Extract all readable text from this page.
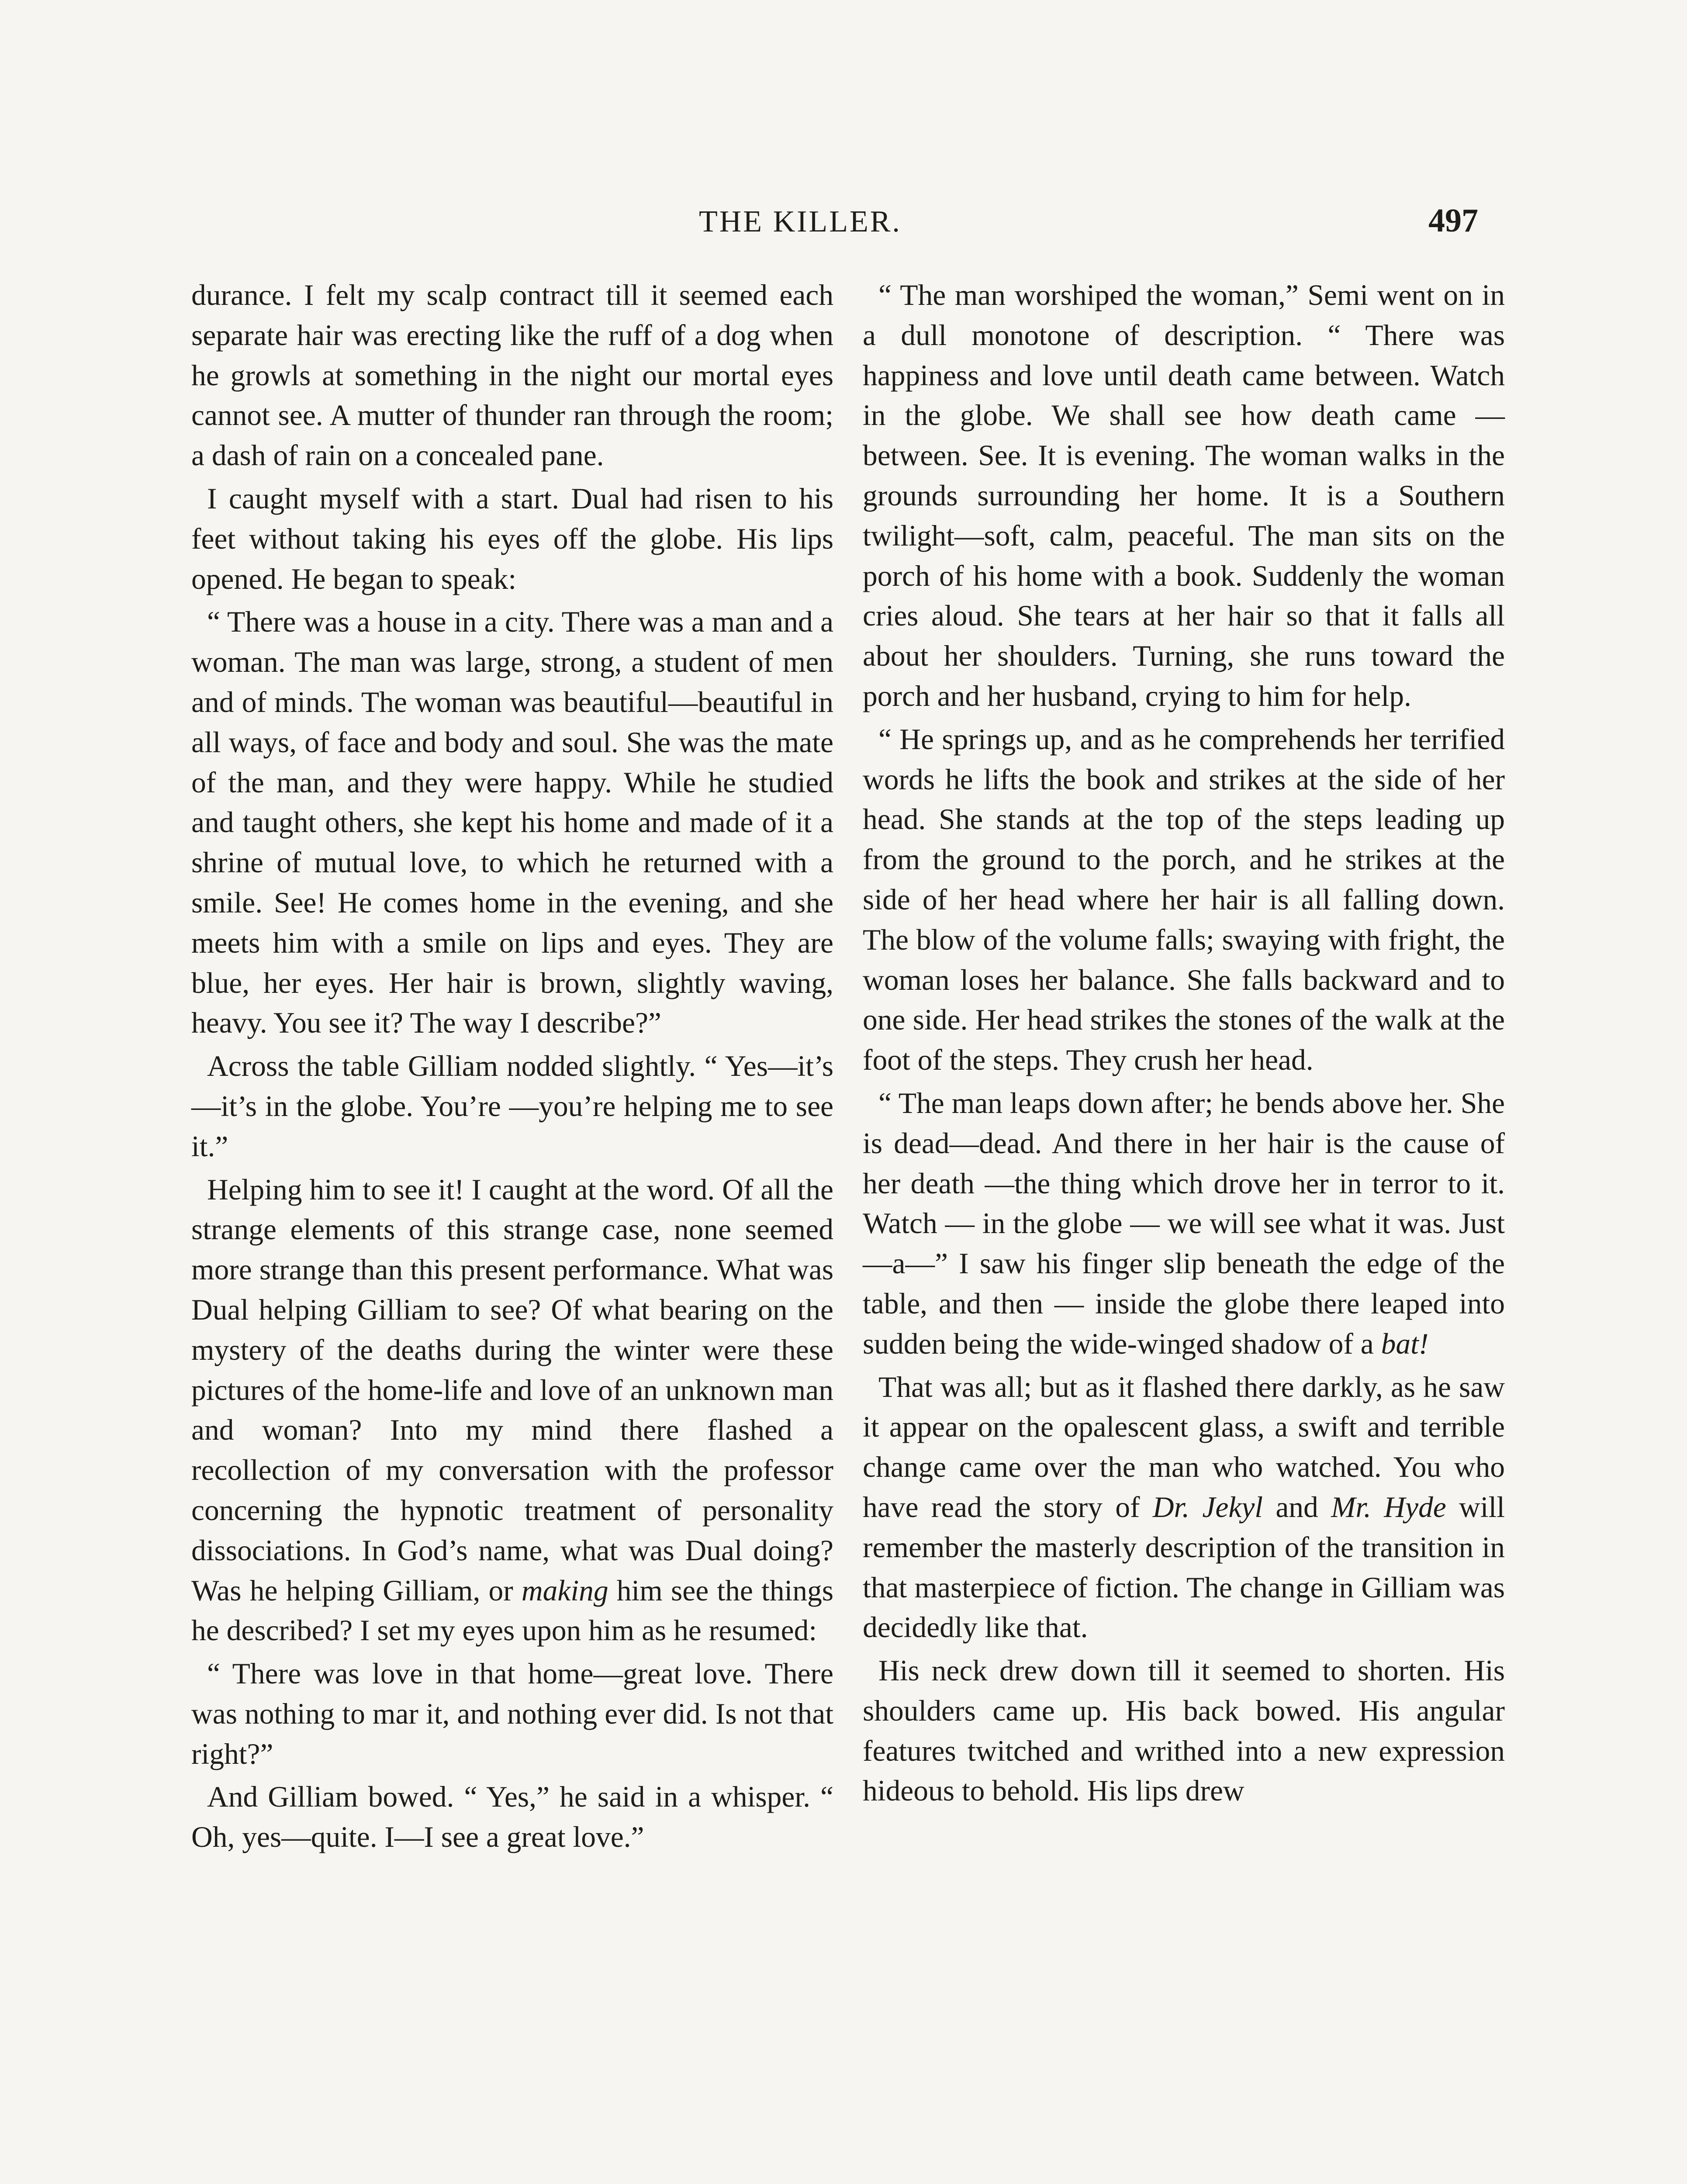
THE KILLER.	497

durance. I felt my scalp contract till it seemed each separate hair was erecting like the ruff of a dog when he growls at something in the night our mortal eyes cannot see. A mutter of thunder ran through the room; a dash of rain on a concealed pane.

I caught myself with a start. Dual had risen to his feet without taking his eyes off the globe. His lips opened. He began to speak:

“ There was a house in a city. There was a man and a woman. The man was large, strong, a student of men and of minds. The woman was beautiful—beautiful in all ways, of face and body and soul. She was the mate of the man, and they were happy. While he studied and taught others, she kept his home and made of it a shrine of mutual love, to which he returned with a smile. See! He comes home in the evening, and she meets him with a smile on lips and eyes. They are blue, her eyes. Her hair is brown, slightly waving, heavy. You see it? The way I describe?”

Across the table Gilliam nodded slightly. “ Yes—it’s—it’s in the globe. You’re —you’re helping me to see it.”

Helping him to see it! I caught at the word. Of all the strange elements of this strange case, none seemed more strange than this present performance. What was Dual helping Gilliam to see? Of what bearing on the mystery of the deaths during the winter were these pictures of the home-life and love of an unknown man and woman? Into my mind there flashed a recollection of my conversation with the professor concerning the hypnotic treatment of personality dissociations. In God’s name, what was Dual doing? Was he helping Gilliam, or making him see the things he described? I set my eyes upon him as he resumed:

“ There was love in that home—great love. There was nothing to mar it, and nothing ever did. Is not that right?”

And Gilliam bowed. “ Yes,” he said in a whisper. “ Oh, yes—quite. I—I see a great love.”

“ The man worshiped the woman,” Semi went on in a dull monotone of description. “ There was happiness and love until death came between. Watch in the globe. We shall see how death came — between. See. It is evening. The woman walks in the grounds surrounding her home. It is a Southern twilight—soft, calm, peaceful. The man sits on the porch of his home with a book. Suddenly the woman cries aloud. She tears at her hair so that it falls all about her shoulders. Turning, she runs toward the porch and her husband, crying to him for help.

“ He springs up, and as he comprehends her terrified words he lifts the book and strikes at the side of her head. She stands at the top of the steps leading up from the ground to the porch, and he strikes at the side of her head where her hair is all falling down. The blow of the volume falls; swaying with fright, the woman loses her balance. She falls backward and to one side. Her head strikes the stones of the walk at the foot of the steps. They crush her head.

“ The man leaps down after; he bends above her. She is dead—dead. And there in her hair is the cause of her death —the thing which drove her in terror to it. Watch — in the globe — we will see what it was. Just—a—” I saw his finger slip beneath the edge of the table, and then — inside the globe there leaped into sudden being the wide-winged shadow of a bat!

That was all; but as it flashed there darkly, as he saw it appear on the opalescent glass, a swift and terrible change came over the man who watched. You who have read the story of Dr. Jekyl and Mr. Hyde will remember the masterly description of the transition in that masterpiece of fiction. The change in Gilliam was decidedly like that.

His neck drew down till it seemed to shorten. His shoulders came up. His back bowed. His angular features twitched and writhed into a new expression hideous to behold. His lips drew
